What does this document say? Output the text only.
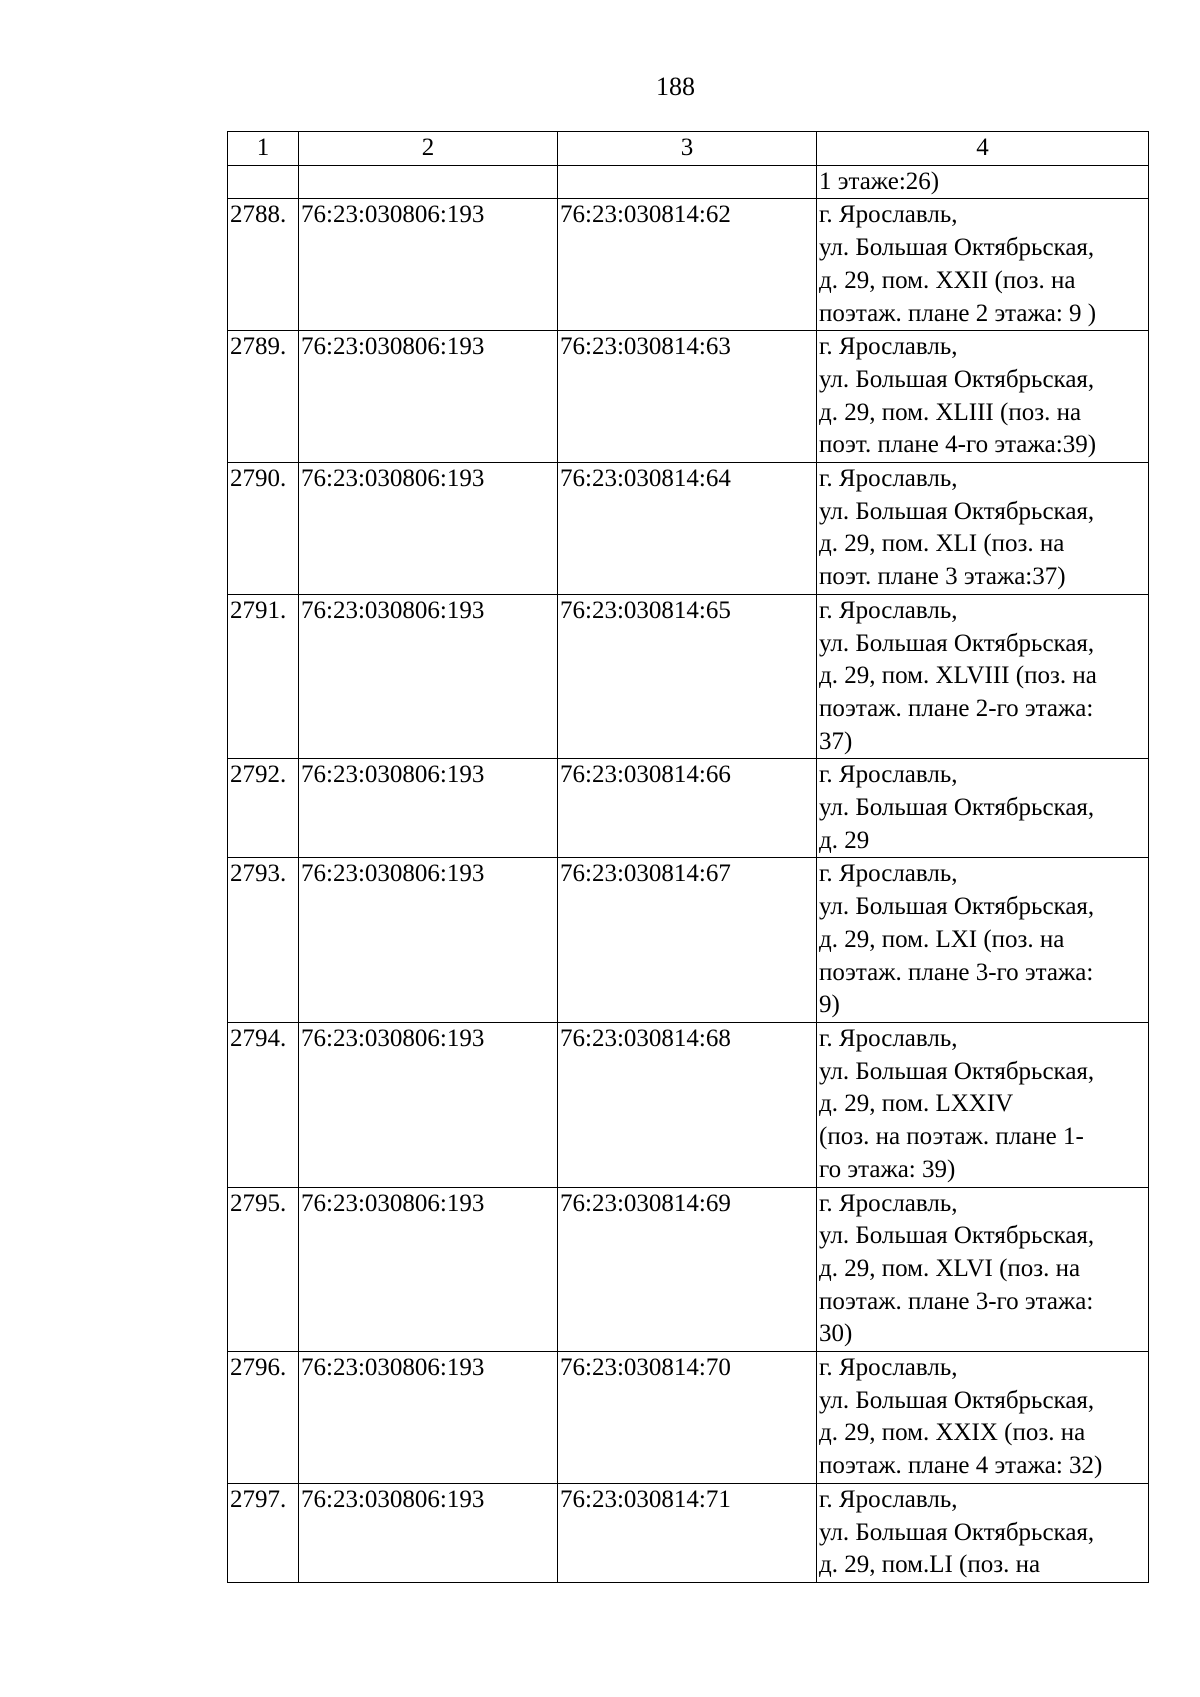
188
1	2	3	4

			1 этаже:26)

2788.	76:23:030806:193	76:23:030814:62	г. Ярославль,
ул. Большая Октябрьская,
д. 29, пом. XXII (поз. на
поэтаж. плане 2 этажа: 9 )

2789.	76:23:030806:193	76:23:030814:63	г. Ярославль,
ул. Большая Октябрьская,
д. 29, пом. XLIII (поз. на
поэт. плане 4-го этажа:39)

2790.	76:23:030806:193	76:23:030814:64	г. Ярославль,
ул. Большая Октябрьская,
д. 29, пом. XLI (поз. на
поэт. плане 3 этажа:37)

2791.	76:23:030806:193	76:23:030814:65	г. Ярославль,
ул. Большая Октябрьская,
д. 29, пом. XLVIII (поз. на
поэтаж. плане 2-го этажа:
37)

2792.	76:23:030806:193	76:23:030814:66	г. Ярославль,
ул. Большая Октябрьская,
д. 29

2793.	76:23:030806:193	76:23:030814:67	г. Ярославль,
ул. Большая Октябрьская,
д. 29, пом. LXI (поз. на
поэтаж. плане 3-го этажа:
9)

2794.	76:23:030806:193	76:23:030814:68	г. Ярославль,
ул. Большая Октябрьская,
д. 29, пом. LXXIV
(поз. на поэтаж. плане 1-
го этажа: 39)

2795.	76:23:030806:193	76:23:030814:69	г. Ярославль,
ул. Большая Октябрьская,
д. 29, пом. XLVI (поз. на
поэтаж. плане 3-го этажа:
30)

2796.	76:23:030806:193	76:23:030814:70	г. Ярославль,
ул. Большая Октябрьская,
д. 29, пом. XXIX (поз. на
поэтаж. плане 4 этажа: 32)

2797.	76:23:030806:193	76:23:030814:71	г. Ярославль,
ул. Большая Октябрьская,
д. 29, пом.LI (поз. на
